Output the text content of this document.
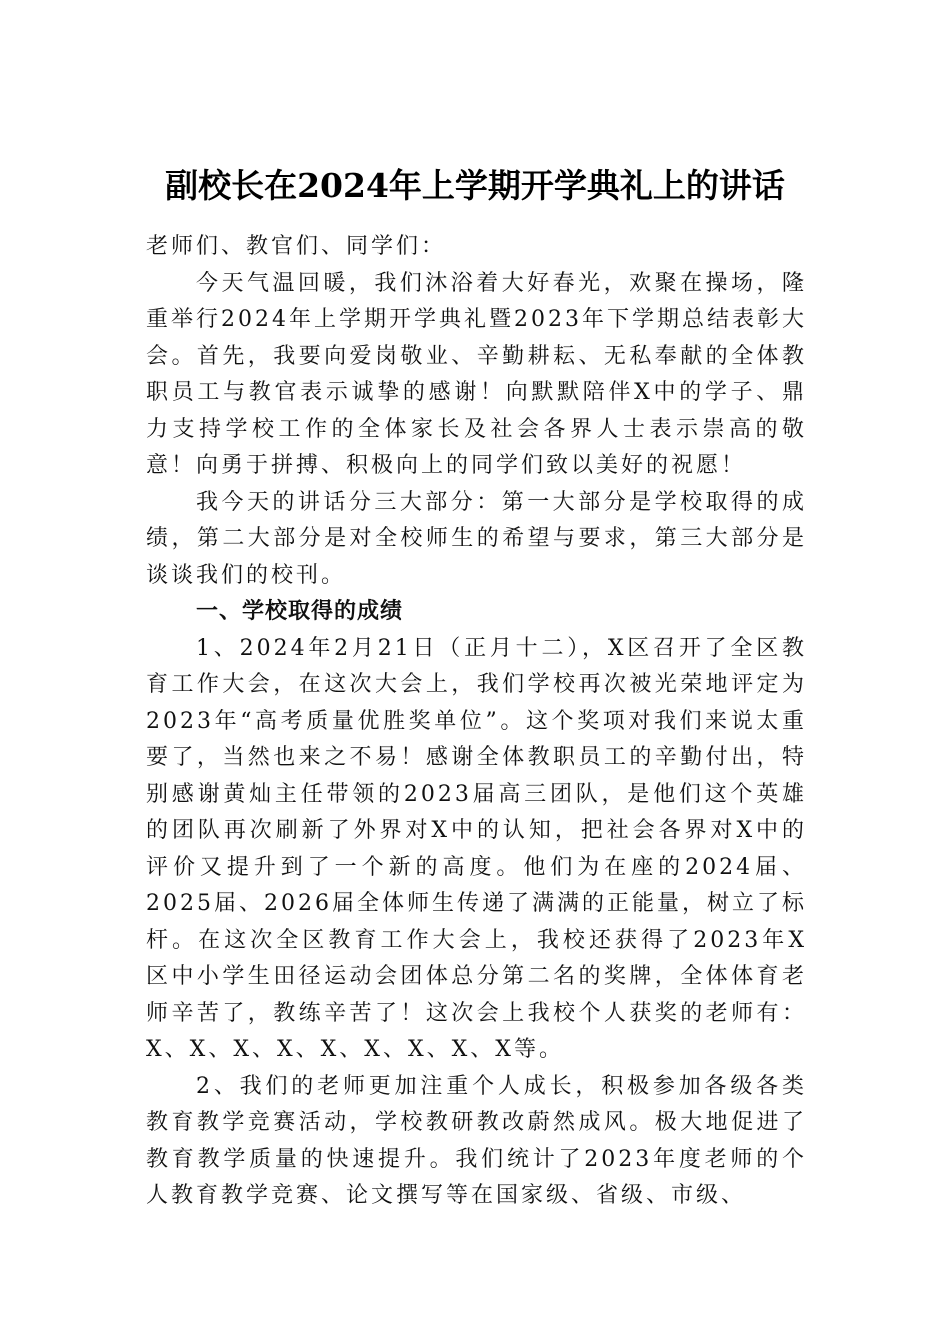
副校长在2024年上学期开学典礼上的讲话

老师们、教官们、同学们：

今天气温回暖，我们沐浴着大好春光，欢聚在操场，隆重举行2024年上学期开学典礼暨2023年下学期总结表彰大会。首先，我要向爱岗敬业、辛勤耕耘、无私奉献的全体教职员工与教官表示诚挚的感谢！向默默陪伴X中的学子、鼎力支持学校工作的全体家长及社会各界人士表示崇高的敬意！向勇于拼搏、积极向上的同学们致以美好的祝愿！

我今天的讲话分三大部分：第一大部分是学校取得的成绩，第二大部分是对全校师生的希望与要求，第三大部分是谈谈我们的校刊。

一、学校取得的成绩

1、2024年2月21日（正月十二），X区召开了全区教育工作大会，在这次大会上，我们学校再次被光荣地评定为2023年“高考质量优胜奖单位”。这个奖项对我们来说太重要了，当然也来之不易！感谢全体教职员工的辛勤付出，特别感谢黄灿主任带领的2023届高三团队，是他们这个英雄的团队再次刷新了外界对X中的认知，把社会各界对X中的评价又提升到了一个新的高度。他们为在座的2024届、2025届、2026届全体师生传递了满满的正能量，树立了标杆。在这次全区教育工作大会上，我校还获得了2023年X区中小学生田径运动会团体总分第二名的奖牌，全体体育老师辛苦了，教练辛苦了！这次会上我校个人获奖的老师有：X、X、X、X、X、X、X、X、X等。

2、我们的老师更加注重个人成长，积极参加各级各类教育教学竞赛活动，学校教研教改蔚然成风。极大地促进了教育教学质量的快速提升。我们统计了2023年度老师的个人教育教学竞赛、论文撰写等在国家级、省级、市级、
